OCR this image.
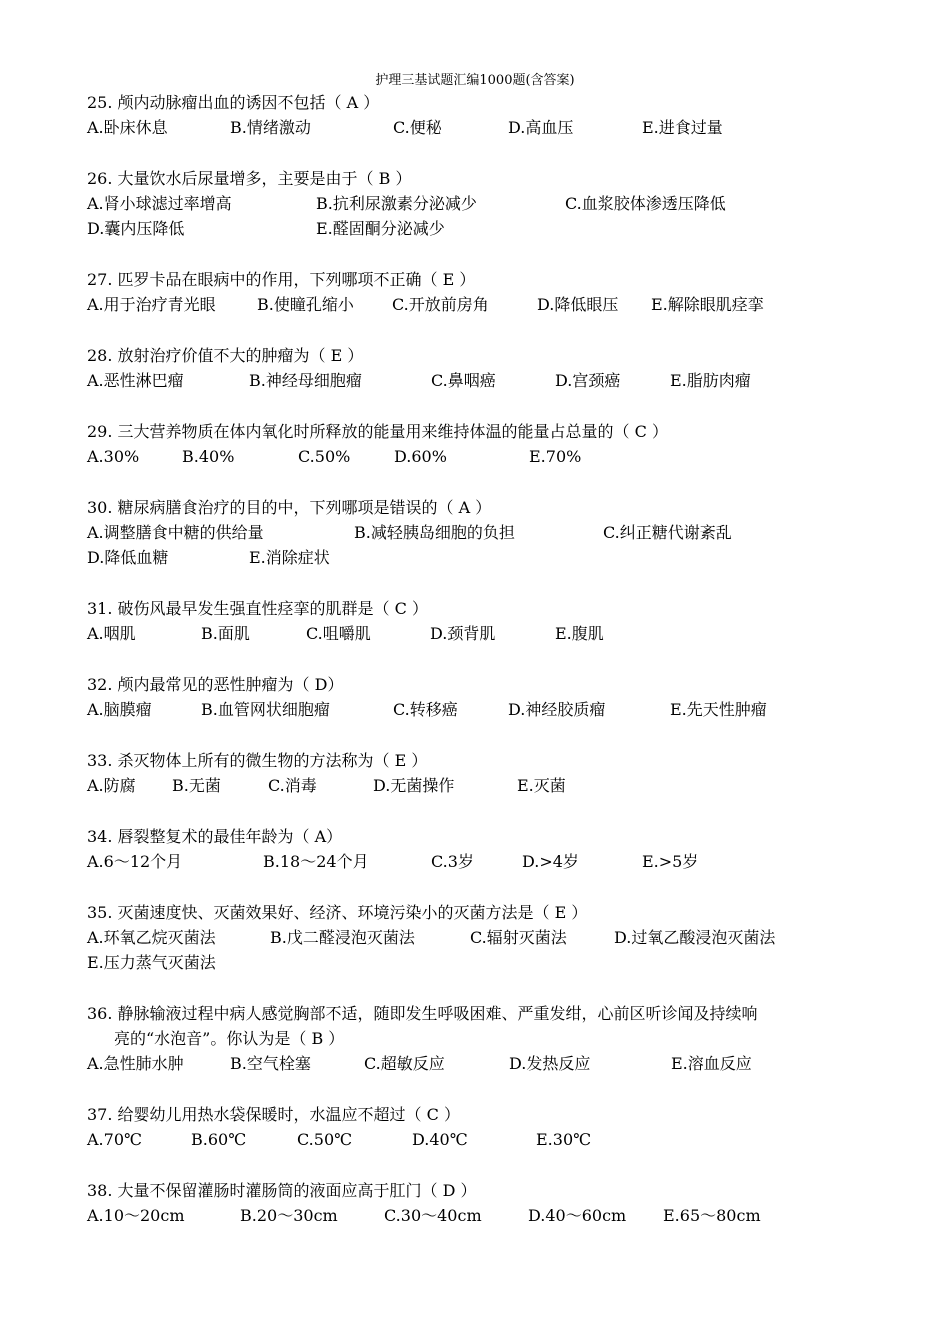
护理三基试题汇编1000题(含答案)
25. 颅内动脉瘤出血的诱因不包括（ A ）
A.卧床休息	B.情绪激动	C.便秘	D.高血压	E.进食过量
26. 大量饮水后尿量增多，主要是由于（ B ）
A.肾小球滤过率增高	B.抗利尿激素分泌减少	C.血浆胶体渗透压降低
D.囊内压降低	E.醛固酮分泌减少
27. 匹罗卡品在眼病中的作用，下列哪项不正确（ E ）
A.用于治疗青光眼	B.使瞳孔缩小 C.开放前房角	D.降低眼压 E.解除眼肌痉挛
28. 放射治疗价值不大的肿瘤为（ E ）
A.恶性淋巴瘤	B.神经母细胞瘤	C.鼻咽癌	D.宫颈癌	E.脂肪肉瘤
29. 三大营养物质在体内氧化时所释放的能量用来维持体温的能量占总量的（ C ）
A.30%	B.40%	C.50%	D.60%	E.70%
30. 糖尿病膳食治疗的目的中，下列哪项是错误的（ A ）
A.调整膳食中糖的供给量	B.减轻胰岛细胞的负担	C.纠正糖代谢紊乱
D.降低血糖	E.消除症状
31. 破伤风最早发生强直性痉挛的肌群是（ C ）
A.咽肌	B.面肌	C.咀嚼肌	D.颈背肌	E.腹肌
32. 颅内最常见的恶性肿瘤为（ D）
A.脑膜瘤	B.血管网状细胞瘤	C.转移癌	D.神经胶质瘤	E.先天性肿瘤
33. 杀灭物体上所有的微生物的方法称为（ E ）
A.防腐 B.无菌	C.消毒	D.无菌操作	E.灭菌
34. 唇裂整复术的最佳年龄为（ A）
A.6～12个月	B.18～24个月	C.3岁	D.>4岁	E.>5岁
35. 灭菌速度快、灭菌效果好、经济、环境污染小的灭菌方法是（ E ）
A.环氧乙烷灭菌法	B.戊二醛浸泡灭菌法	C.辐射灭菌法	D.过氧乙酸浸泡灭菌法
E.压力蒸气灭菌法
36. 静脉输液过程中病人感觉胸部不适，随即发生呼吸困难、严重发绀，心前区听诊闻及持续响
亮的“水泡音”。你认为是（ B ）
A.急性肺水肿	B.空气栓塞	C.超敏反应	D.发热反应	E.溶血反应
37. 给婴幼儿用热水袋保暖时，水温应不超过（ C ）
A.70℃	B.60℃	C.50℃	D.40℃	E.30℃
38. 大量不保留灌肠时灌肠筒的液面应高于肛门（ D ）
A.10～20cm	B.20～30cm	C.30～40cm	D.40～60cm E.65～80cm
